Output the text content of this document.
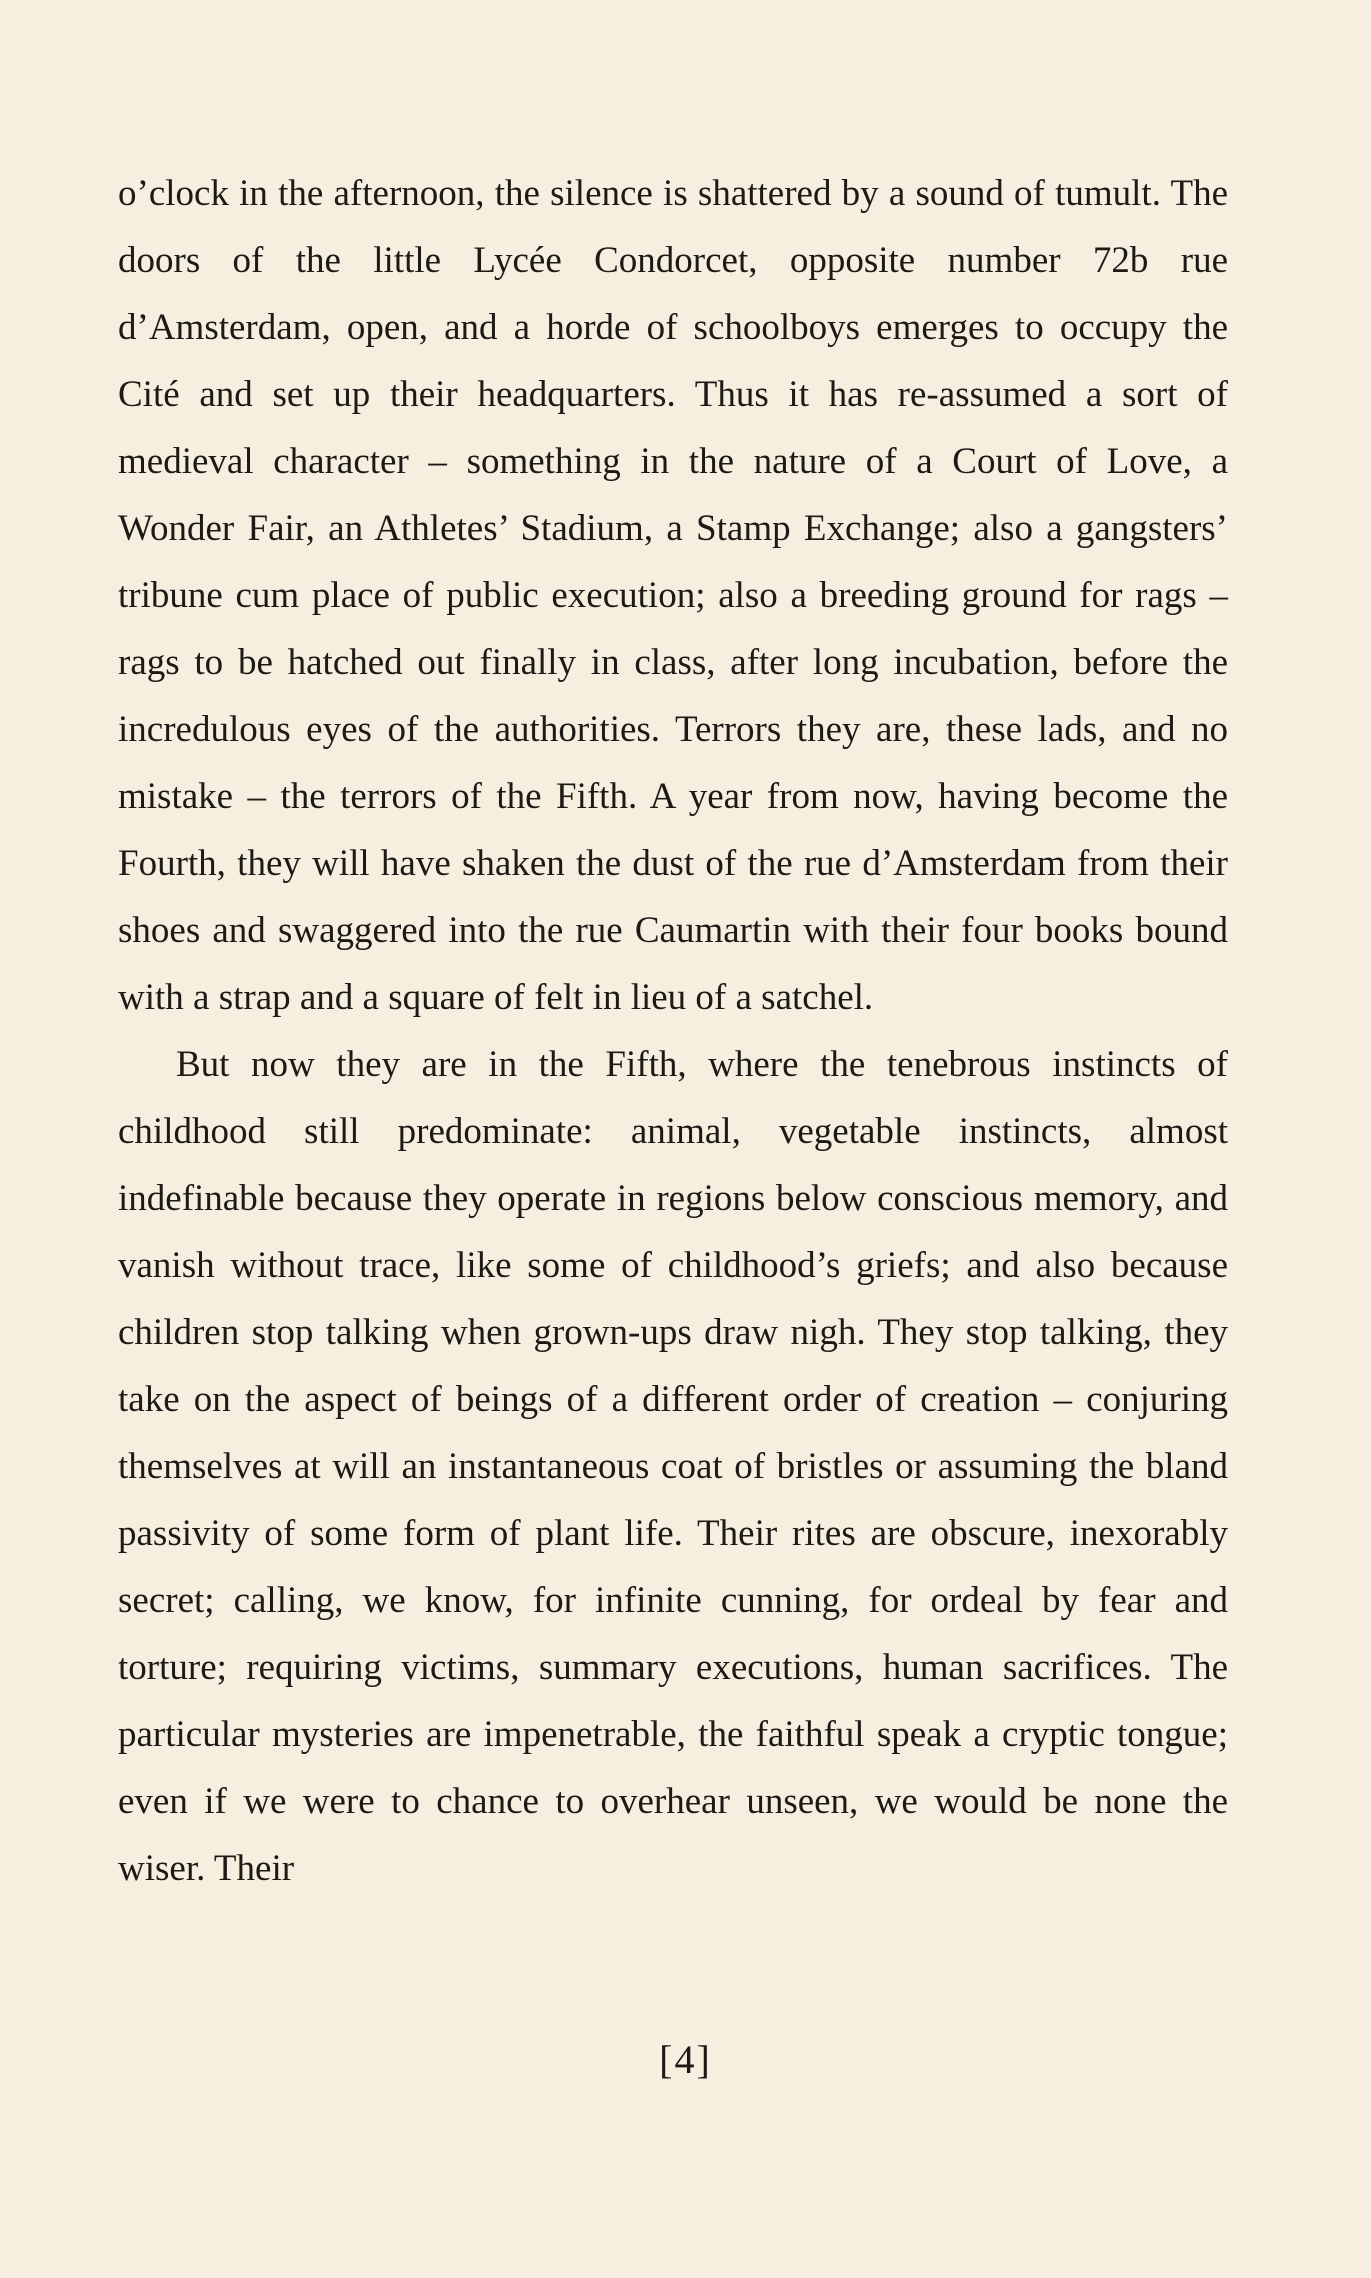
o’clock in the afternoon, the silence is shattered by a sound of tumult. The doors of the little Lycée Condorcet, opposite number 72b rue d’Amsterdam, open, and a horde of schoolboys emerges to occupy the Cité and set up their headquarters. Thus it has re-assumed a sort of medieval character – something in the nature of a Court of Love, a Wonder Fair, an Athletes’ Stadium, a Stamp Exchange; also a gangsters’ tribune cum place of public execution; also a breeding ground for rags – rags to be hatched out finally in class, after long incubation, before the incredulous eyes of the authorities. Terrors they are, these lads, and no mistake – the terrors of the Fifth. A year from now, having become the Fourth, they will have shaken the dust of the rue d’Amsterdam from their shoes and swaggered into the rue Caumartin with their four books bound with a strap and a square of felt in lieu of a satchel.

But now they are in the Fifth, where the tenebrous instincts of childhood still predominate: animal, vegetable instincts, almost indefinable because they operate in regions below conscious memory, and vanish without trace, like some of childhood’s griefs; and also because children stop talking when grown-ups draw nigh. They stop talking, they take on the aspect of beings of a different order of creation – conjuring themselves at will an instantaneous coat of bristles or assuming the bland passivity of some form of plant life. Their rites are obscure, inexorably secret; calling, we know, for infinite cunning, for ordeal by fear and torture; requiring victims, summary executions, human sacrifices. The particular mysteries are impenetrable, the faithful speak a cryptic tongue; even if we were to chance to overhear unseen, we would be none the wiser. Their

[4]
